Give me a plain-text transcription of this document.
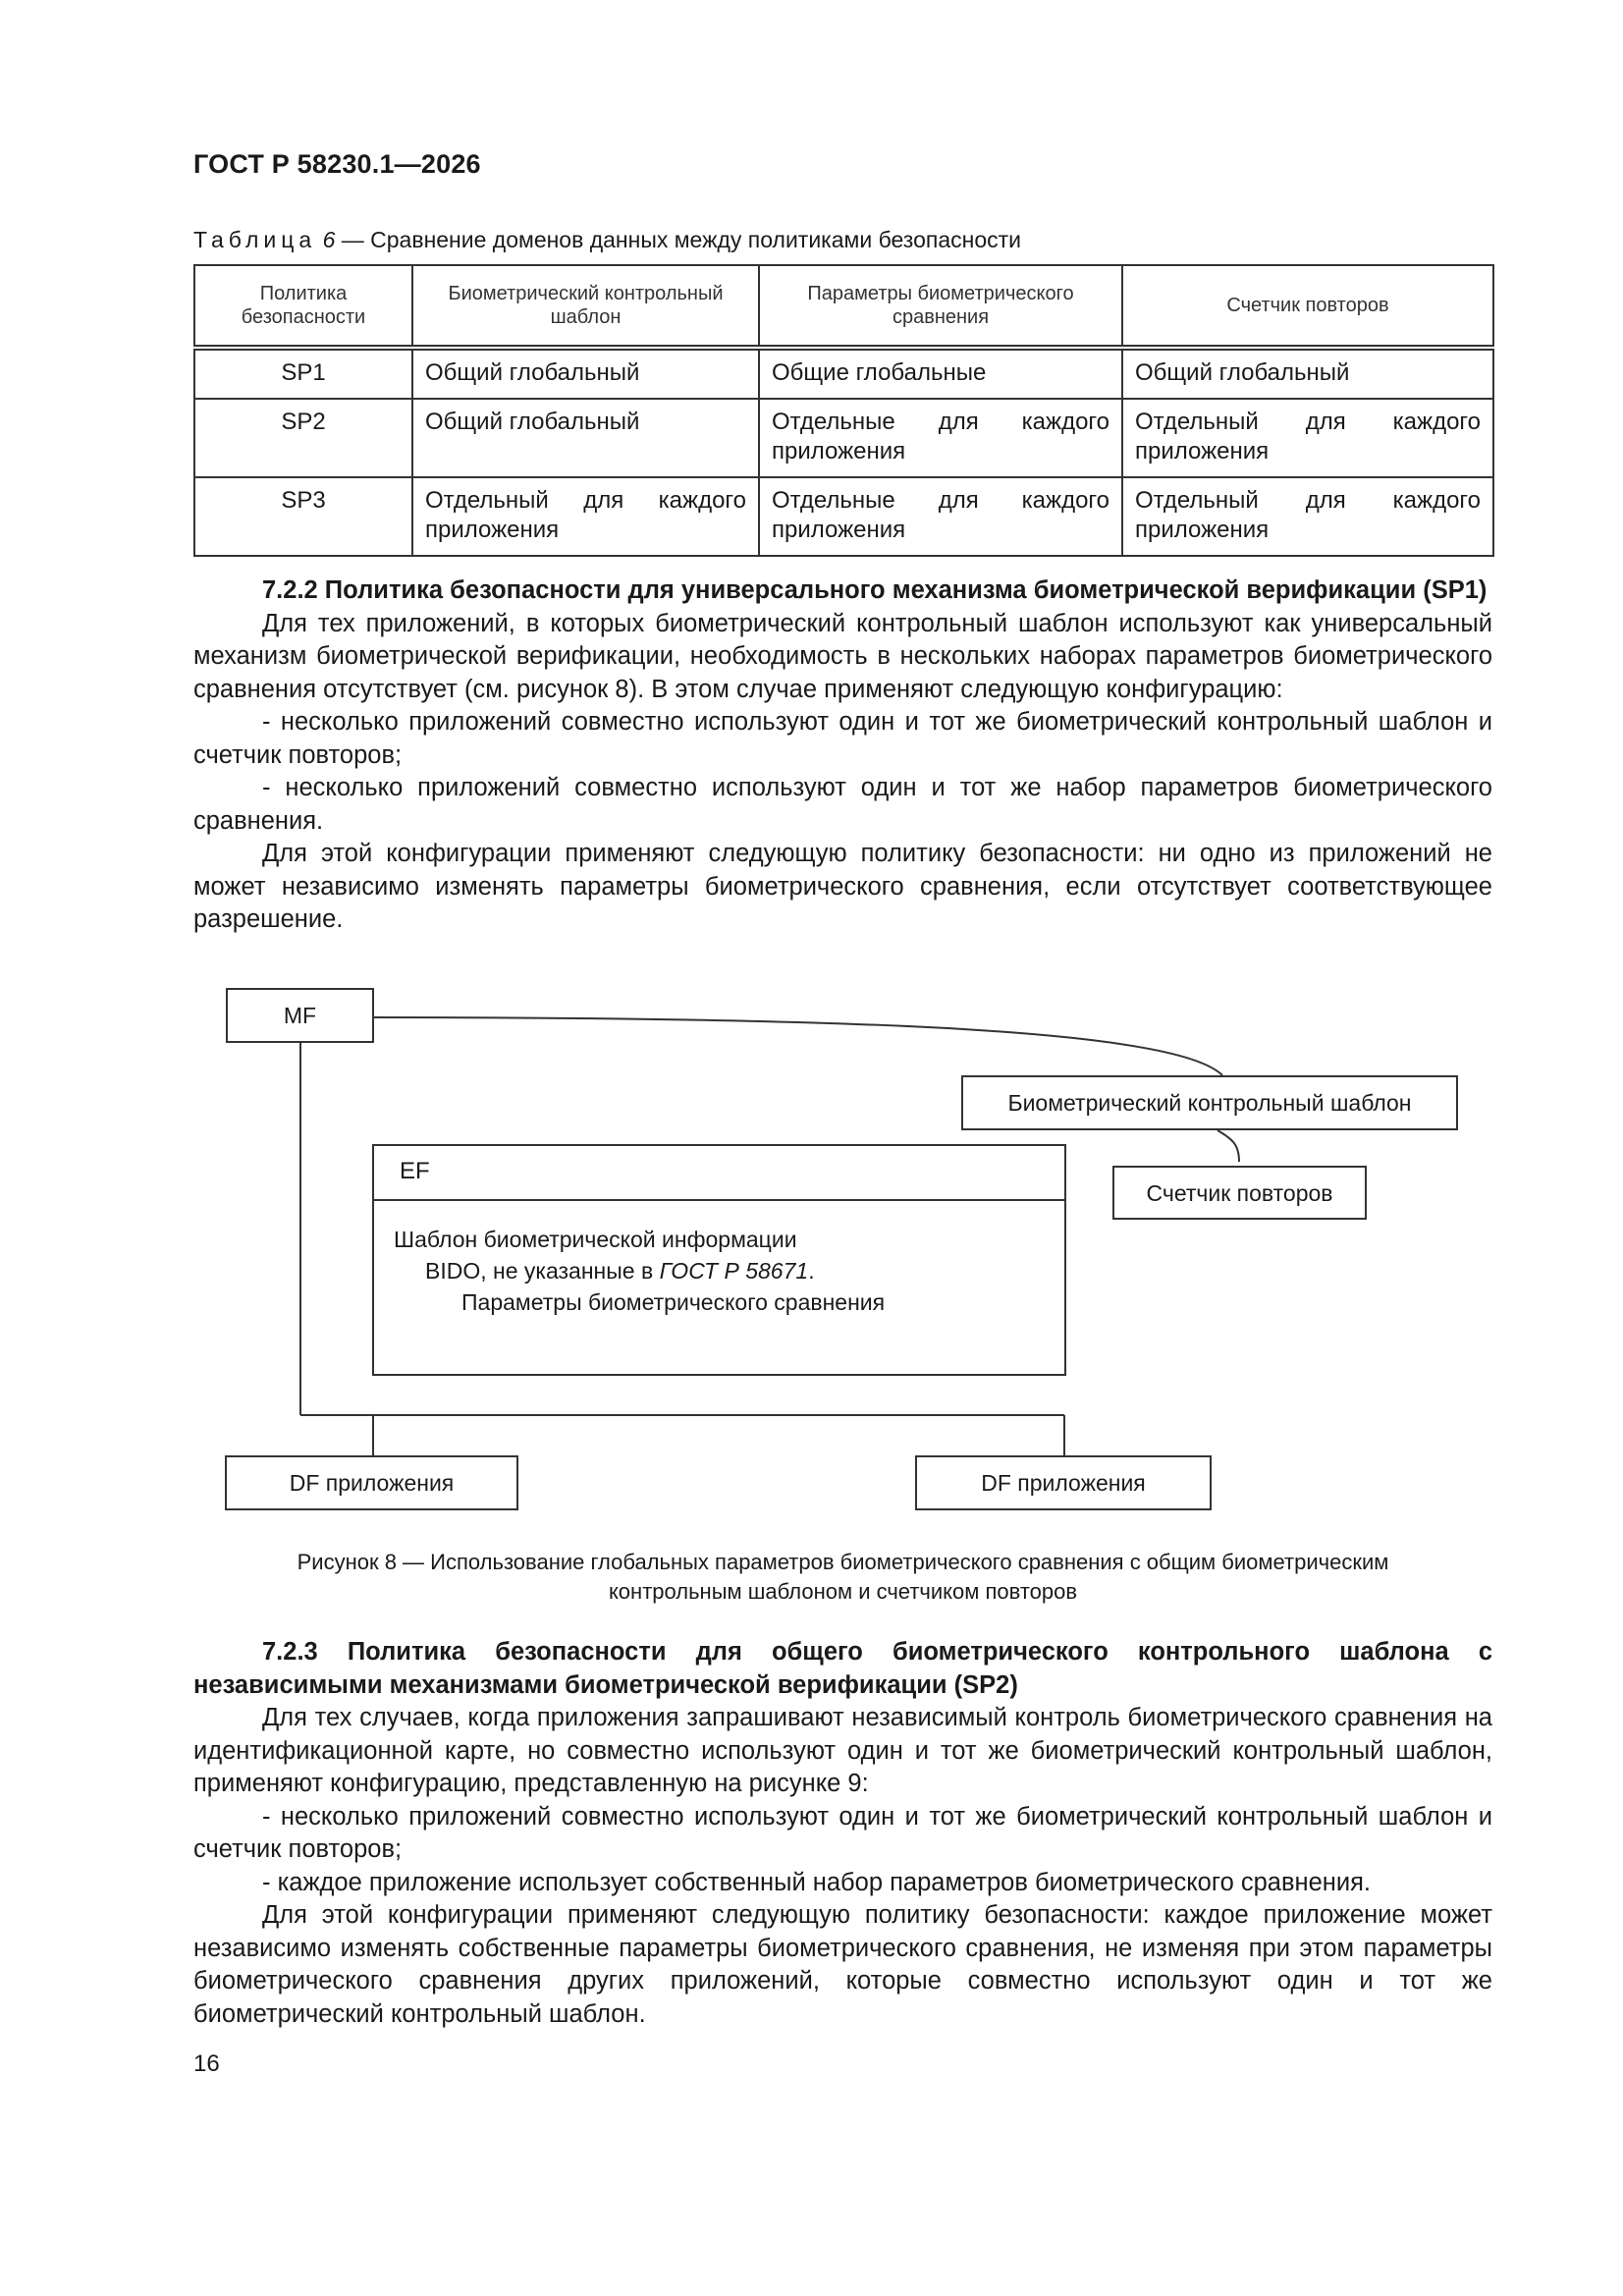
ГОСТ Р 58230.1—2026
Таблица 6 — Сравнение доменов данных между политиками безопасности
Политика безопасности	Биометрический контрольный шаблон	Параметры биометрического сравнения	Счетчик повторов
SP1	Общий глобальный	Общие глобальные	Общий глобальный
SP2	Общий глобальный	Отдельные для каждого приложения	Отдельный для каждого приложения
SP3	Отдельный для каждого приложения	Отдельные для каждого приложения	Отдельный для каждого приложения
7.2.2 Политика безопасности для универсального механизма биометрической верификации (SP1)

Для тех приложений, в которых биометрический контрольный шаблон используют как универсальный механизм биометрической верификации, необходимость в нескольких наборах параметров биометрического сравнения отсутствует (см. рисунок 8). В этом случае применяют следующую конфигурацию:

- несколько приложений совместно используют один и тот же биометрический контрольный шаблон и счетчик повторов;

- несколько приложений совместно используют один и тот же набор параметров биометрического сравнения.

Для этой конфигурации применяют следующую политику безопасности: ни одно из приложений не может независимо изменять параметры биометрического сравнения, если отсутствует соответствующее разрешение.

MF
Биометрический контрольный шаблон
Счетчик повторов
EF
Шаблон биометрической информации
BIDO, не указанные в ГОСТ Р 58671.
Параметры биометрического сравнения
DF приложения	DF приложения
Рисунок 8 — Использование глобальных параметров биометрического сравнения с общим биометрическим
контрольным шаблоном и счетчиком повторов
7.2.3 Политика безопасности для общего биометрического контрольного шаблона с независимыми механизмами биометрической верификации (SP2)

Для тех случаев, когда приложения запрашивают независимый контроль биометрического сравнения на идентификационной карте, но совместно используют один и тот же биометрический контрольный шаблон, применяют конфигурацию, представленную на рисунке 9:

- несколько приложений совместно используют один и тот же биометрический контрольный шаблон и счетчик повторов;

- каждое приложение использует собственный набор параметров биометрического сравнения.

Для этой конфигурации применяют следующую политику безопасности: каждое приложение может независимо изменять собственные параметры биометрического сравнения, не изменяя при этом параметры биометрического сравнения других приложений, которые совместно используют один и тот же биометрический контрольный шаблон.

16
